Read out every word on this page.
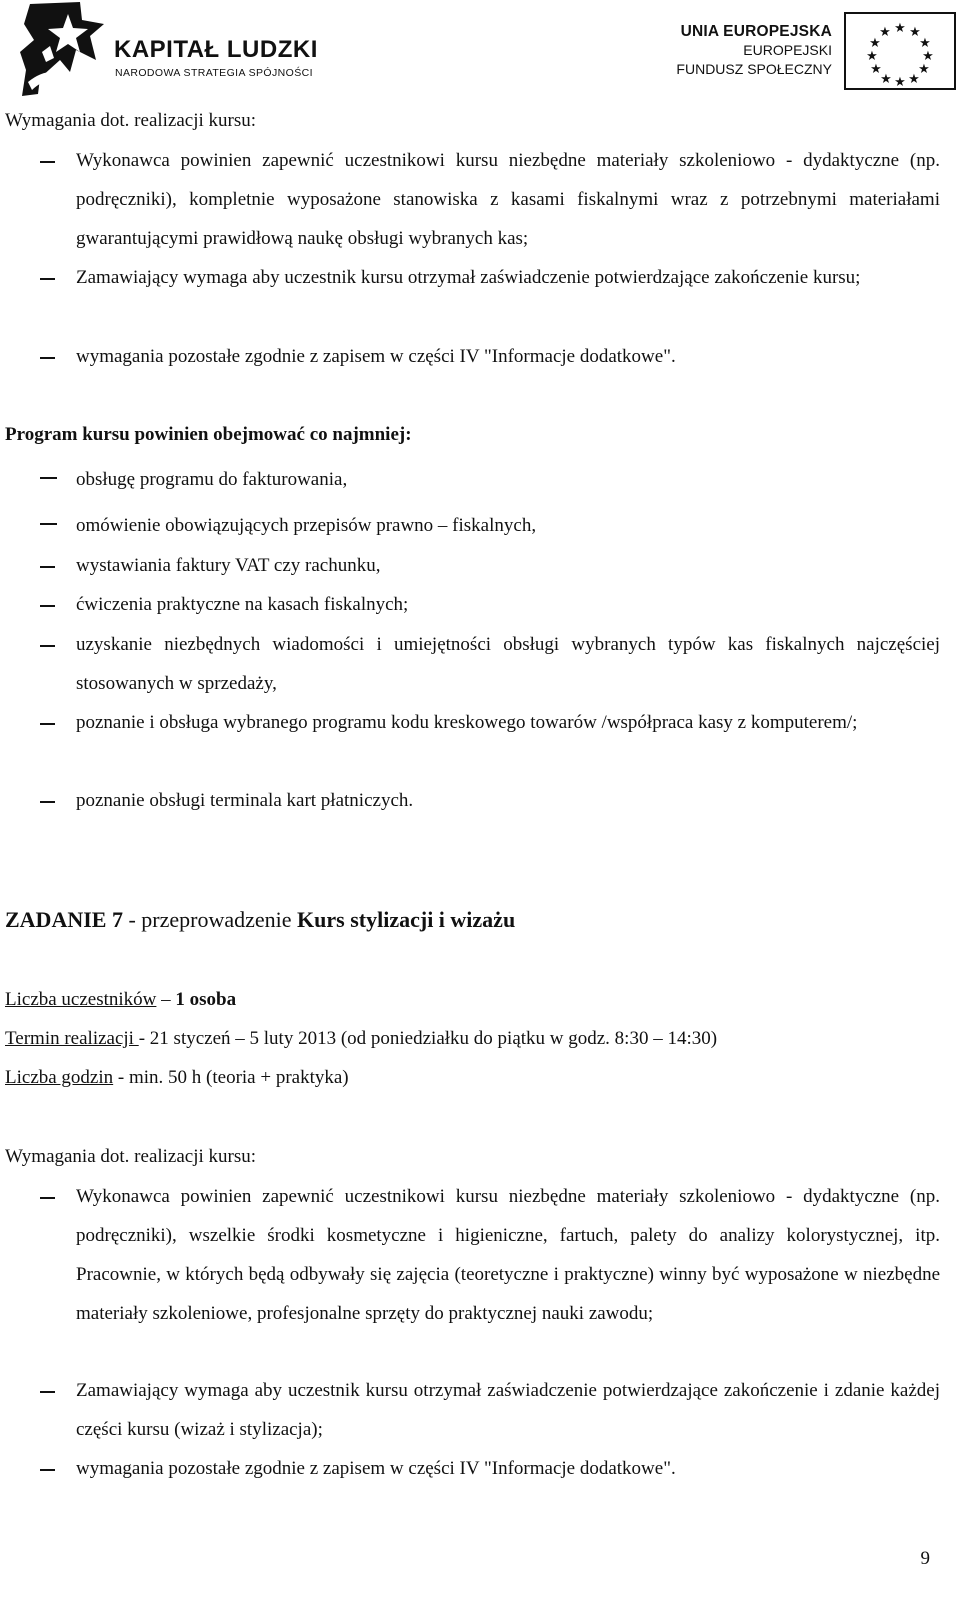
KAPITAŁ LUDZKI
NARODOWA STRATEGIA SPÓJNOŚCI
UNIA EUROPEJSKA
EUROPEJSKI
FUNDUSZ SPOŁECZNY
★ ★
★
★
★
★
★
★
★
★
★
★
Wymagania dot. realizacji kursu:
Wykonawca powinien zapewnić uczestnikowi kursu niezbędne materiały szkoleniowo - dydaktyczne (np. podręczniki), kompletnie wyposażone stanowiska z kasami fiskalnymi wraz z potrzebnymi materiałami gwarantującymi prawidłową naukę obsługi wybranych kas;
Zamawiający wymaga aby uczestnik kursu otrzymał zaświadczenie potwierdzające zakończenie kursu;
wymagania pozostałe zgodnie z zapisem w części IV "Informacje dodatkowe".
Program kursu powinien obejmować co najmniej:
obsługę programu do fakturowania,
omówienie obowiązujących przepisów prawno – fiskalnych,
wystawiania faktury VAT czy rachunku,
ćwiczenia praktyczne na kasach fiskalnych;
uzyskanie niezbędnych wiadomości i umiejętności obsługi wybranych typów kas fiskalnych najczęściej stosowanych w sprzedaży,
poznanie i obsługa wybranego programu kodu kreskowego towarów /współpraca kasy z komputerem/;
poznanie obsługi terminala kart płatniczych.
ZADANIE 7 - przeprowadzenie Kurs stylizacji i wizażu
Liczba uczestników – 1 osoba
Termin realizacji - 21 styczeń – 5 luty 2013 (od poniedziałku do piątku w godz. 8:30 – 14:30)
Liczba godzin - min. 50 h (teoria + praktyka)
Wymagania dot. realizacji kursu:
Wykonawca powinien zapewnić uczestnikowi kursu niezbędne materiały szkoleniowo - dydaktyczne (np. podręczniki), wszelkie środki kosmetyczne i higieniczne, fartuch, palety do analizy kolorystycznej, itp. Pracownie, w których będą odbywały się zajęcia (teoretyczne i praktyczne) winny być wyposażone w niezbędne materiały szkoleniowe, profesjonalne sprzęty do praktycznej nauki zawodu;
Zamawiający wymaga aby uczestnik kursu otrzymał zaświadczenie potwierdzające zakończenie i zdanie każdej części kursu (wizaż i stylizacja);
wymagania pozostałe zgodnie z zapisem w części IV "Informacje dodatkowe".
9
